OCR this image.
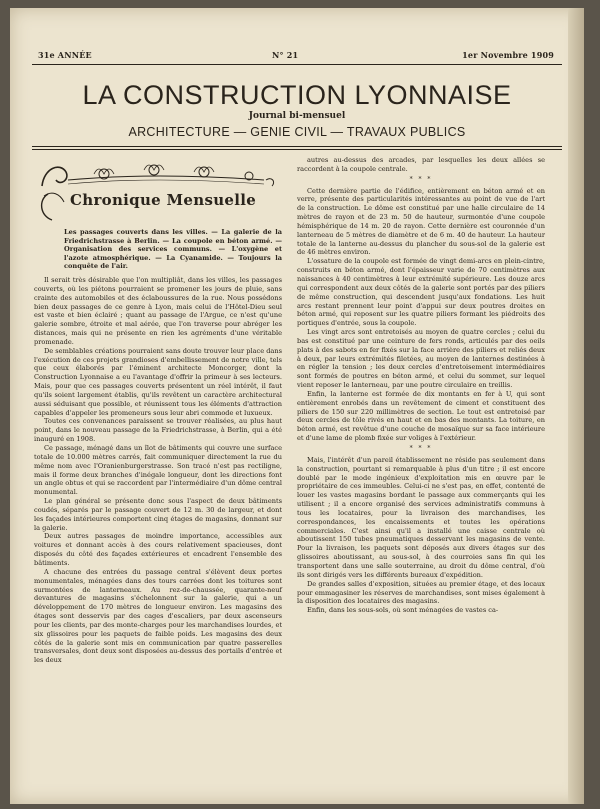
31e ANNÉE	N° 21	1er Novembre 1909
LA CONSTRUCTION LYONNAISE
Journal bi-mensuel
ARCHITECTURE — GENIE CIVIL — TRAVAUX PUBLICS
Chronique Mensuelle
Les passages couverts dans les villes. — La galerie de la Friedrichstrasse à Berlin. — La coupole en béton armé. — Organisation des services communs. — L'oxygène et l'azote atmosphérique. — La Cyanamide. — Toujours la conquête de l'air.

Il serait très désirable que l'on multipliât, dans les villes, les passages couverts, où les piétons pourraient se promener les jours de pluie, sans crainte des automobiles et des éclaboussures de la rue. Nous possédons bien deux passages de ce genre à Lyon, mais celui de l'Hôtel-Dieu seul est vaste et bien éclairé ; quant au passage de l'Argue, ce n'est qu'une galerie sombre, étroite et mal aérée, que l'on traverse pour abréger les distances, mais qui ne présente en rien les agréments d'une véritable promenade.

De semblables créations pourraient sans doute trouver leur place dans l'exécution de ces projets grandioses d'embellissement de notre ville, tels que ceux élaborés par l'éminent architecte Moncorger, dont la Construction Lyonnaise a eu l'avantage d'offrir la primeur à ses lecteurs. Mais, pour que ces passages couverts présentent un réel intérêt, il faut qu'ils soient largement établis, qu'ils revêtent un caractère architectural aussi séduisant que possible, et réunissent tous les éléments d'attraction capables d'appeler les promeneurs sous leur abri commode et luxueux.

Toutes ces convenances paraissent se trouver réalisées, au plus haut point, dans le nouveau passage de la Friedrichstrasse, à Berlin, qui a été inauguré en 1908.

Ce passage, ménagé dans un îlot de bâtiments qui couvre une surface totale de 10.000 mètres carrés, fait communiquer directement la rue du même nom avec l'Oranienburgerstrasse. Son tracé n'est pas rectiligne, mais il forme deux branches d'inégale longueur, dont les directions font un angle obtus et qui se raccordent par l'intermédiaire d'un dôme central monumental.

Le plan général se présente donc sous l'aspect de deux bâtiments coudés, séparés par le passage couvert de 12 m. 30 de largeur, et dont les façades intérieures comportent cinq étages de magasins, donnant sur la galerie.

Deux autres passages de moindre importance, accessibles aux voitures et donnant accès à des cours relativement spacieuses, dont disposés du côté des façades extérieures et encadrent l'ensemble des bâtiments.

A chacune des entrées du passage central s'élèvent deux portes monumentales, ménagées dans des tours carrées dont les toitures sont surmontées de lanterneaux. Au rez-de-chaussée, quarante-neuf devantures de magasins s'échelonnent sur la galerie, qui a un développement de 170 mètres de longueur environ. Les magasins des étages sont desservis par des cages d'escaliers, par deux ascenseurs pour les clients, par des monte-charges pour les marchandises lourdes, et six glissoires pour les paquets de faible poids. Les magasins des deux côtés de la galerie sont mis en communication par quatre passerelles transversales, dont deux sont disposées au-dessus des portails d'entrée et les deux

autres au-dessus des arcades, par lesquelles les deux allées se raccordent à la coupole centrale.

* * *

Cette dernière partie de l'édifice, entièrement en béton armé et en verre, présente des particularités intéressantes au point de vue de l'art de la construction. Le dôme est constitué par une halle circulaire de 14 mètres de rayon et de 23 m. 50 de hauteur, surmontée d'une coupole hémisphérique de 14 m. 20 de rayon. Cette dernière est couronnée d'un lanterneau de 5 mètres de diamètre et de 6 m. 40 de hauteur. La hauteur totale de la lanterne au-dessus du plancher du sous-sol de la galerie est de 46 mètres environ.

L'ossature de la coupole est formée de vingt demi-arcs en plein-cintre, construits en béton armé, dont l'épaisseur varie de 70 centimètres aux naissances à 40 centimètres à leur extrémité supérieure. Les douze arcs qui correspondent aux deux côtés de la galerie sont portés par des piliers de même construction, qui descendent jusqu'aux fondations. Les huit arcs restant prennent leur point d'appui sur deux poutres droites en béton armé, qui reposent sur les quatre piliers formant les piédroits des portiques d'entrée, sous la coupole.

Les vingt arcs sont entretoisés au moyen de quatre cercles ; celui du bas est constitué par une ceinture de fers ronds, articulés par des oeils plats à des sabots en fer fixés sur la face arrière des piliers et reliés deux à deux, par leurs extrémités filetées, au moyen de lanternes destinées à en régler la tension ; les deux cercles d'entretoisement intermédiaires sont formés de poutres en béton armé, et celui du sommet, sur lequel vient reposer le lanterneau, par une poutre circulaire en treillis.

Enfin, la lanterne est formée de dix montants en fer à U, qui sont entièrement enrobés dans un revêtement de ciment et constituent des piliers de 150 sur 220 millimètres de section. Le tout est entretoisé par deux cercles de tôle rivés en haut et en bas des montants. La toiture, en béton armé, est revêtue d'une couche de mosaïque sur sa face intérieure et d'une lame de plomb fixée sur voliges à l'extérieur.

* * *

Mais, l'intérêt d'un pareil établissement ne réside pas seulement dans la construction, pourtant si remarquable à plus d'un titre ; il est encore doublé par le mode ingénieux d'exploitation mis en œuvre par le propriétaire de ces immeubles. Celui-ci ne s'est pas, en effet, contenté de louer les vastes magasins bordant le passage aux commerçants qui les utilisent ; il a encore organisé des services administratifs communs à tous les locataires, pour la livraison des marchandises, les correspondances, les encaissements et toutes les opérations commerciales. C'est ainsi qu'il a installé une caisse centrale où aboutissent 150 tubes pneumatiques desservant les magasins de vente. Pour la livraison, les paquets sont déposés aux divers étages sur des glissoires aboutissant, au sous-sol, à des courroies sans fin qui les transportent dans une salle souterraine, au droit du dôme central, d'où ils sont dirigés vers les différents bureaux d'expédition.

De grandes salles d'exposition, situées au premier étage, et des locaux pour emmagasiner les réserves de marchandises, sont mises également à la disposition des locataires des magasins.

Enfin, dans les sous-sols, où sont ménagées de vastes ca-
